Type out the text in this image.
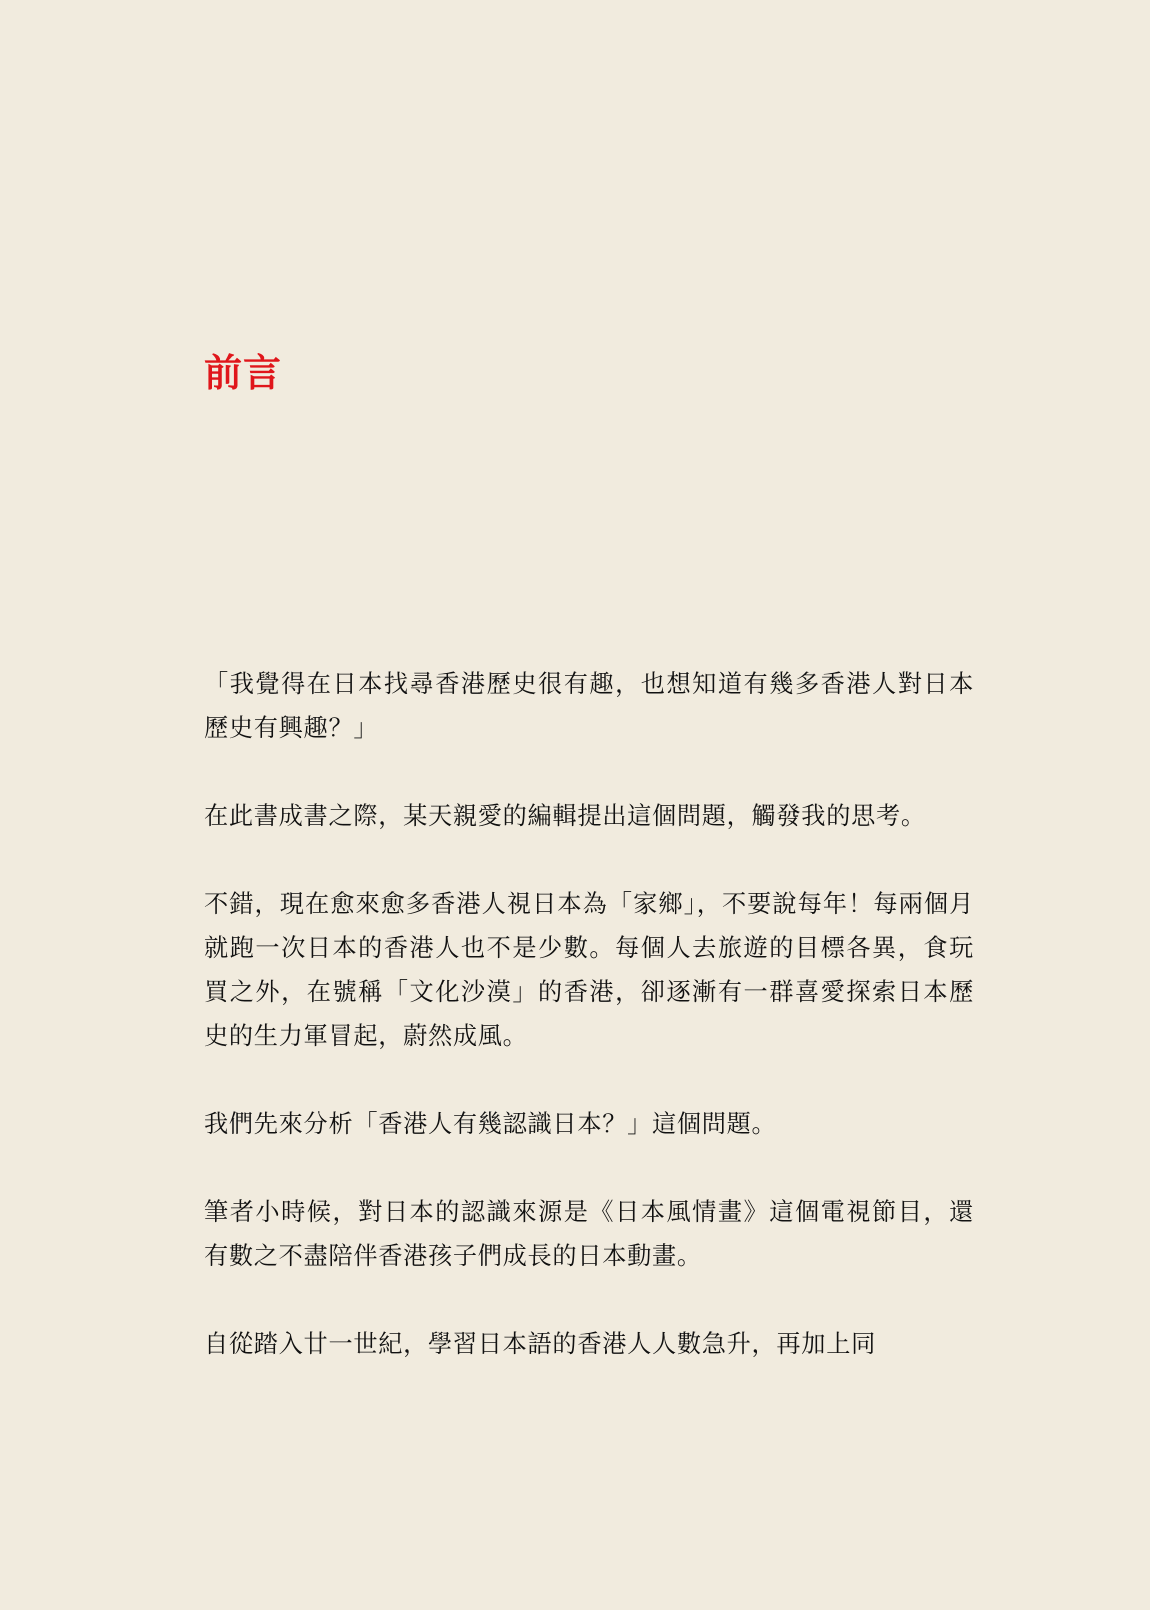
前言

「我覺得在日本找尋香港歷史很有趣，也想知道有幾多香港人對日本歷史有興趣？」

在此書成書之際，某天親愛的編輯提出這個問題，觸發我的思考。

不錯，現在愈來愈多香港人視日本為「家鄉」，不要說每年！每兩個月就跑一次日本的香港人也不是少數。每個人去旅遊的目標各異，食玩買之外，在號稱「文化沙漠」的香港，卻逐漸有一群喜愛探索日本歷史的生力軍冒起，蔚然成風。

我們先來分析「香港人有幾認識日本？」這個問題。

筆者小時候，對日本的認識來源是《日本風情畫》這個電視節目，還有數之不盡陪伴香港孩子們成長的日本動畫。

自從踏入廿一世紀，學習日本語的香港人人數急升，再加上同
